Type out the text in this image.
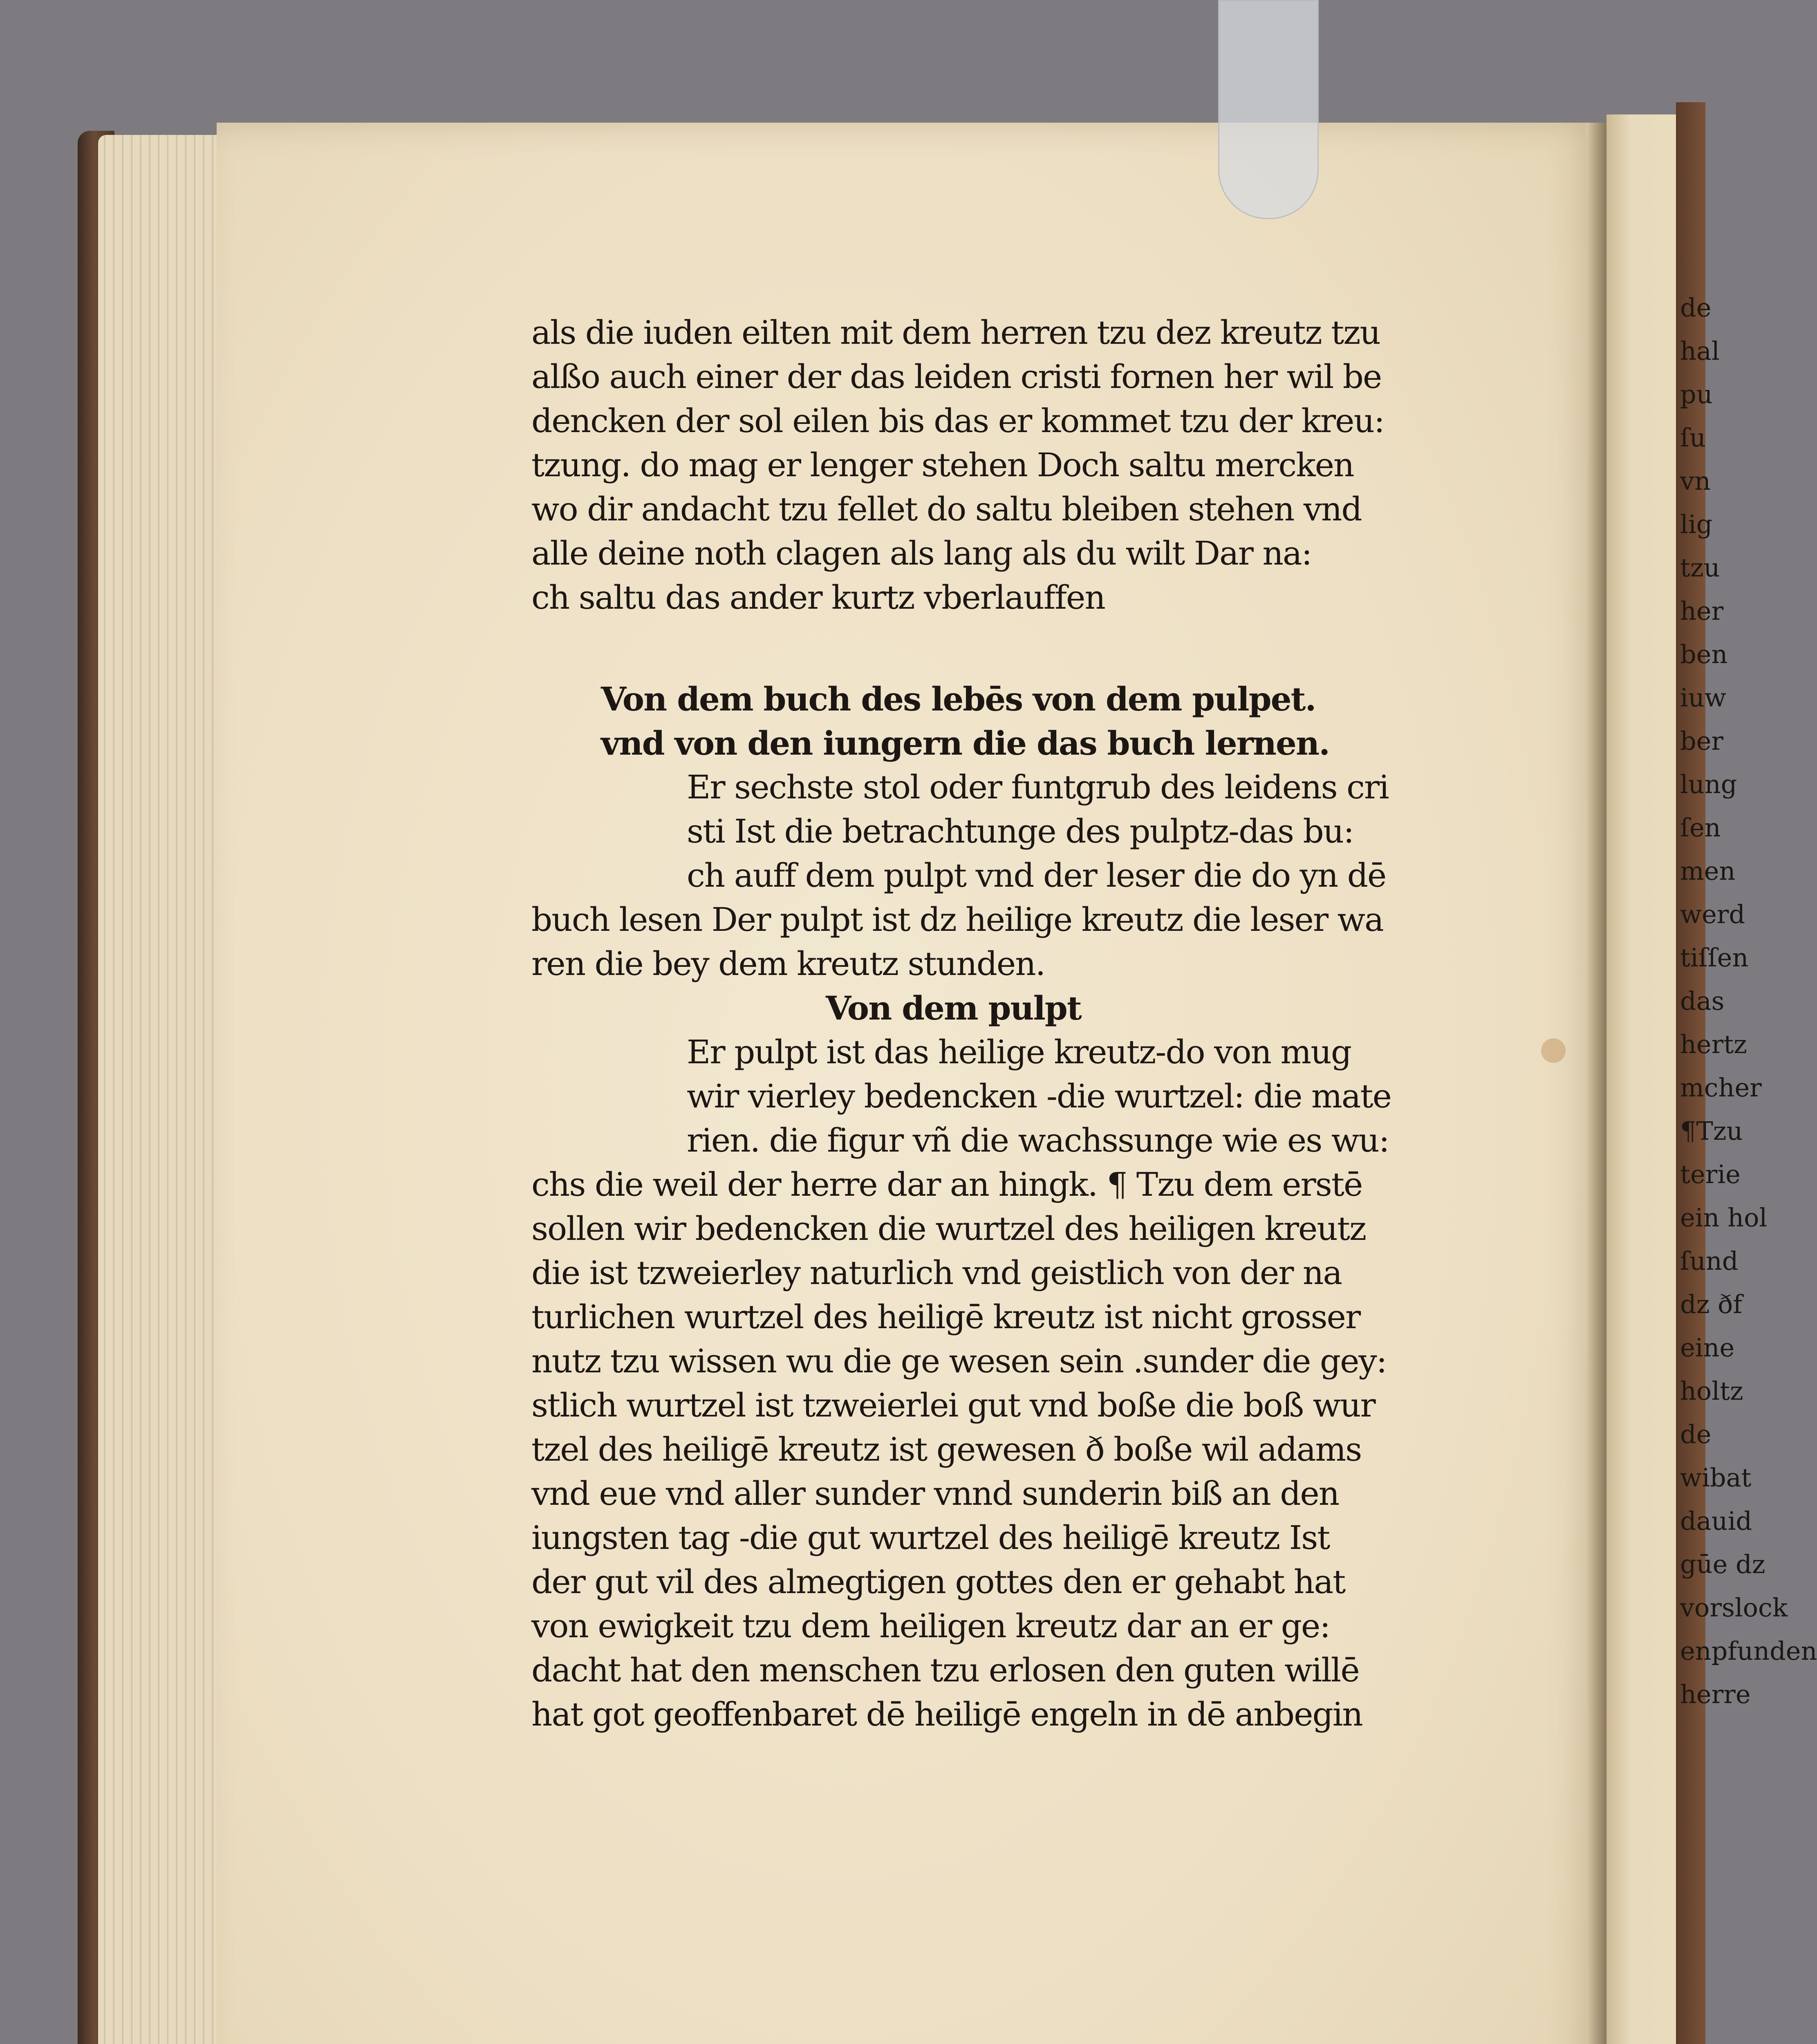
als die iuden eilten mit dem herren tzu dez kreutz tzu
alßo auch einer der das leiden cristi fornen her wil be
dencken der sol eilen bis das er kommet tzu der kreu:
tzung. do mag er lenger stehen Doch saltu mercken
wo dir andacht tzu fellet do saltu bleiben stehen vnd
alle deine noth clagen als lang als du wilt Dar na:
ch saltu das ander kurtz vberlauffen
Von dem buch des lebēs von dem pulpet.
vnd von den iungern die das buch lernen.
Er sechste stol oder funtgrub des leidens cri
sti Ist die betrachtunge des pulptz-das bu:
ch auff dem pulpt vnd der leser die do yn dē
buch lesen Der pulpt ist dz heilige kreutz die leser wa
ren die bey dem kreutz stunden.
Von dem pulpt
Er pulpt ist das heilige kreutz-do von mug
wir vierley bedencken -die wurtzel: die mate
rien. die figur vñ die wachssunge wie es wu:
chs die weil der herre dar an hingk. ¶ Tzu dem erstē
sollen wir bedencken die wurtzel des heiligen kreutz
die ist tzweierley naturlich vnd geistlich von der na
turlichen wurtzel des heiligē kreutz ist nicht grosser
nutz tzu wissen wu die ge wesen sein .sunder die gey:
stlich wurtzel ist tzweierlei gut vnd boße die boß wur
tzel des heiligē kreutz ist gewesen ð boße wil adams
vnd eue vnd aller sunder vnnd sunderin biß an den
iungsten tag -die gut wurtzel des heiligē kreutz Ist
der gut vil des almegtigen gottes den er gehabt hat
von ewigkeit tzu dem heiligen kreutz dar an er ge:
dacht hat den menschen tzu erlosen den guten willē
hat got geoffenbaret dē heiligē engeln in dē anbegin
de
hal
pu
ſu
vn
lig
tzu
her
ben
iuw
ber
lung
ſen
men
werd
tiſſen
das
hertz
mcher
¶Tzu
terie
ein hol
ſund
dz ðf
eine
holtz
de
wibat
dauid
gūe dz
vorslock
enpfunden
herre
